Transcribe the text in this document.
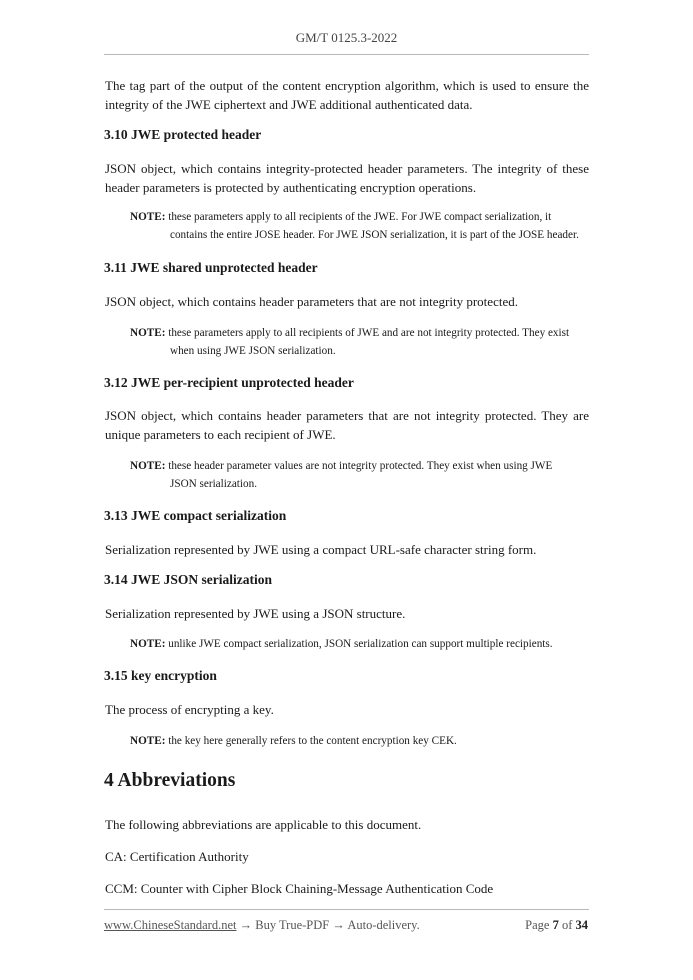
GM/T 0125.3-2022
The tag part of the output of the content encryption algorithm, which is used to ensure the integrity of the JWE ciphertext and JWE additional authenticated data.
3.10 JWE protected header
JSON object, which contains integrity-protected header parameters. The integrity of these header parameters is protected by authenticating encryption operations.
NOTE: these parameters apply to all recipients of the JWE. For JWE compact serialization, it
contains the entire JOSE header. For JWE JSON serialization, it is part of the JOSE header.
3.11 JWE shared unprotected header
JSON object, which contains header parameters that are not integrity protected.
NOTE: these parameters apply to all recipients of JWE and are not integrity protected. They exist
when using JWE JSON serialization.
3.12 JWE per-recipient unprotected header
JSON object, which contains header parameters that are not integrity protected. They are unique parameters to each recipient of JWE.
NOTE: these header parameter values are not integrity protected. They exist when using JWE
JSON serialization.
3.13 JWE compact serialization
Serialization represented by JWE using a compact URL-safe character string form.
3.14 JWE JSON serialization
Serialization represented by JWE using a JSON structure.
NOTE: unlike JWE compact serialization, JSON serialization can support multiple recipients.
3.15 key encryption
The process of encrypting a key.
NOTE: the key here generally refers to the content encryption key CEK.
4 Abbreviations
The following abbreviations are applicable to this document.
CA: Certification Authority
CCM: Counter with Cipher Block Chaining-Message Authentication Code
www.ChineseStandard.net → Buy True-PDF → Auto-delivery.	Page 7 of 34
